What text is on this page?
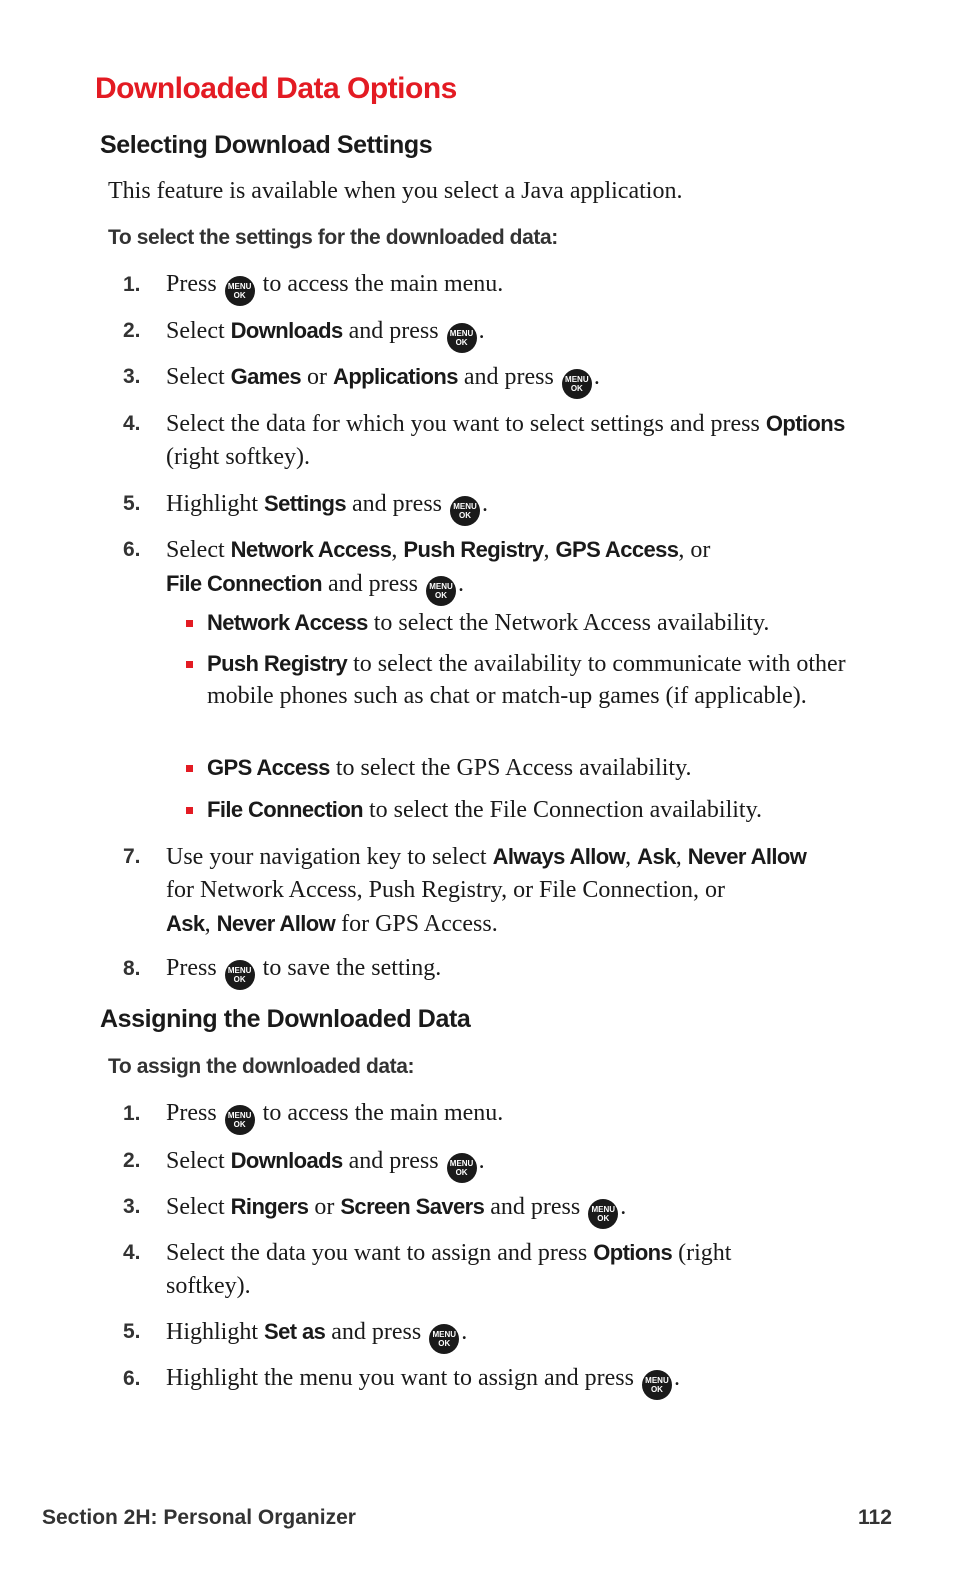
Downloaded Data Options
Selecting Download Settings

This feature is available when you select a Java application.

To select the settings for the downloaded data:

1. Press	MENU
OK to access the main menu.
2. Select Downloads and press	MENU
OK .
3. Select Games or Applications and press	MENU
OK .
4. Select the data for which you want to select settings and press Options (right softkey).
5. Highlight Settings and press	MENU
OK .
6. Select Network Access, Push Registry, GPS Access, or
File Connection and press	MENU
OK .
Network Access to select the Network Access availability.
Push Registry to select the availability to communicate with other mobile phones such as chat or match-up games (if applicable).
GPS Access to select the GPS Access availability.
File Connection to select the File Connection availability.
7. Use your navigation key to select Always Allow, Ask, Never Allow
for Network Access, Push Registry, or File Connection, or
Ask, Never Allow for GPS Access.
8. Press	MENU
OK to save the setting.
Assigning the Downloaded Data

To assign the downloaded data:

1. Press	MENU
OK to access the main menu.
2. Select Downloads and press	MENU
OK .
3. Select Ringers or Screen Savers and press	MENU
OK .
4. Select the data you want to assign and press Options (right softkey).
5. Highlight Set as and press	MENU
OK .
6. Highlight the menu you want to assign and press	MENU
OK .

Section 2H: Personal Organizer	112
